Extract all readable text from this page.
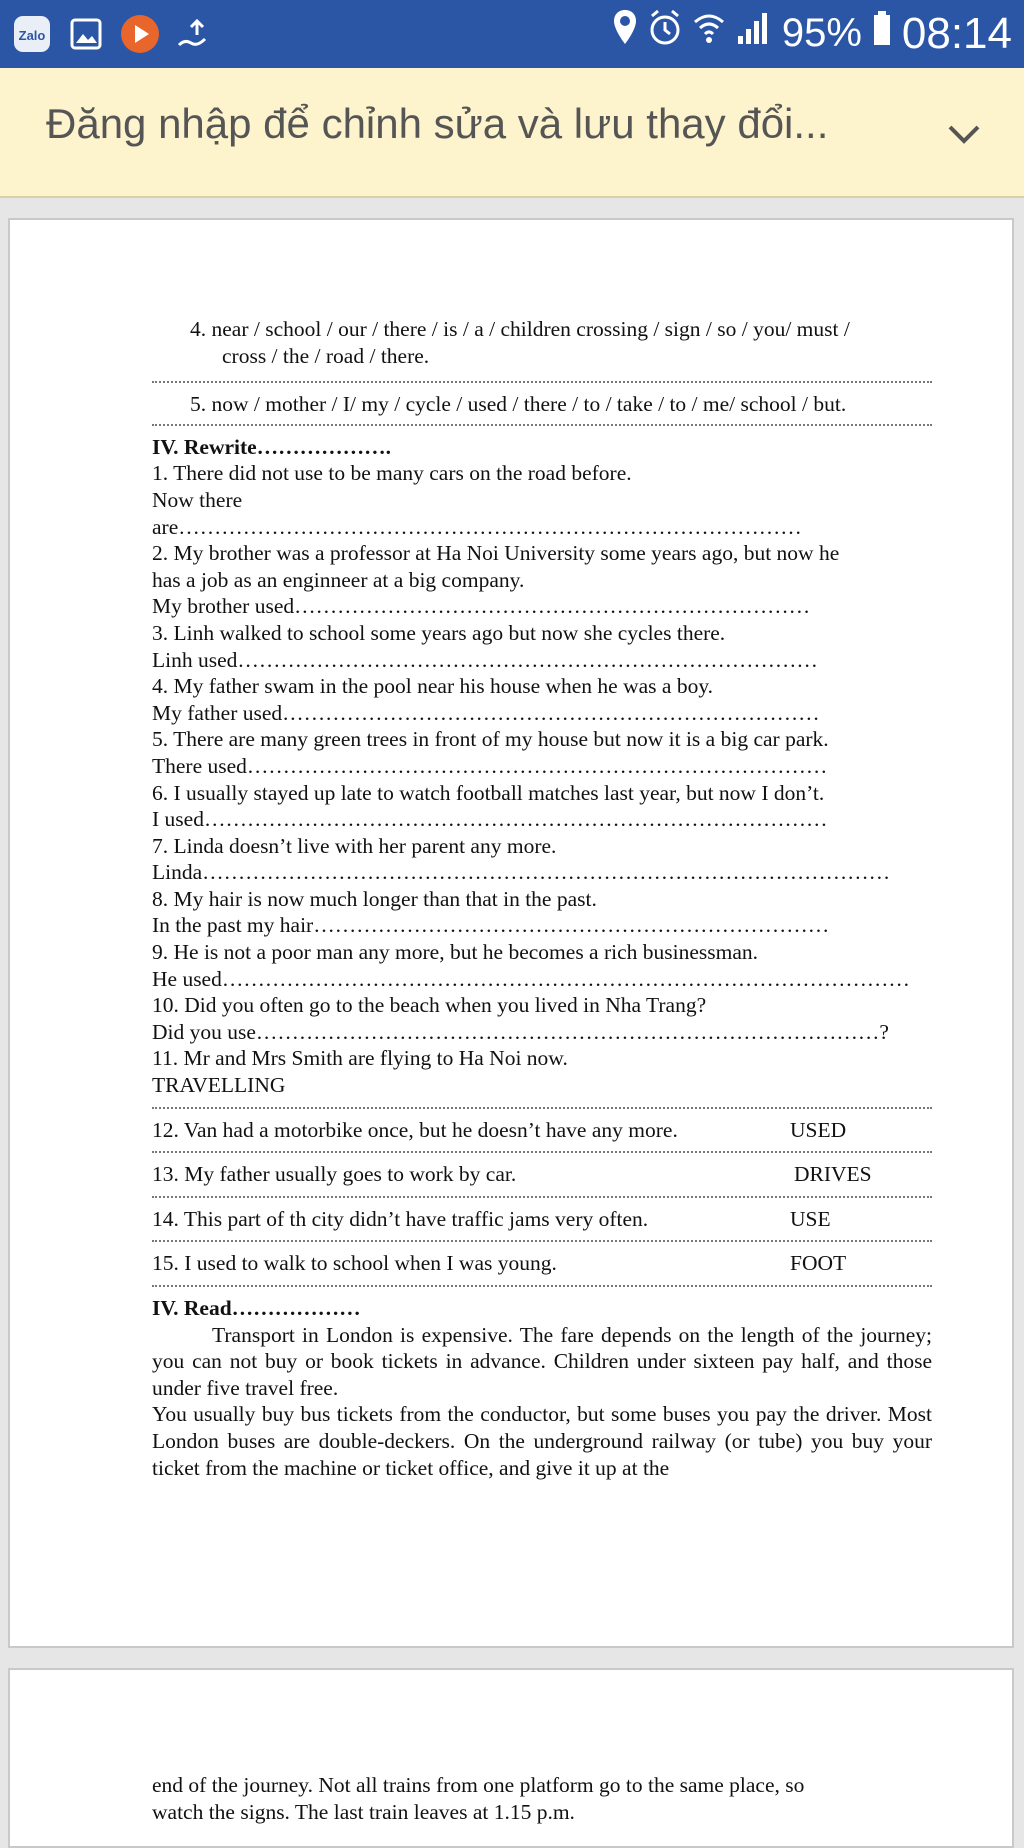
Zalo	95% 08:14
Đăng nhập để chỉnh sửa và lưu thay đổi...
4. near / school / our / there / is / a / children crossing / sign / so / you/ must /
cross / the / road / there.
5. now / mother / I/ my / cycle / used / there / to / take / to / me/ school / but.
IV. Rewrite……………….
1. There did not use to be many cars on the road before.
Now there
are……………………………………………………………………………
2. My brother was a professor at Ha Noi University some years ago, but now he
has a job as an enginneer at a big company.
My brother used………………………………………………………………
3. Linh walked to school some years ago but now she cycles there.
Linh used………………………………………………………………………
4. My father swam in the pool near his house when he was a boy.
My father used…………………………………………………………………
5. There are many green trees in front of my house but now it is a big car park.
There used………………………………………………………………………
6. I usually stayed up late to watch football matches last year, but now I don’t.
I used……………………………………………………………………………
7. Linda doesn’t live with her parent any more.
Linda……………………………………………………………………………………
8. My hair is now much longer than that in the past.
In the past my hair………………………………………………………………
9. He is not a poor man any more, but he becomes a rich businessman.
He used……………………………………………………………………………………
10. Did you often go to the beach when you lived in Nha Trang?
Did you use……………………………………………………………………………?
11. Mr and Mrs Smith are flying to Ha Noi now.
TRAVELLING
12. Van had a motorbike once, but he doesn’t have any more.	USED
13. My father usually goes to work by car.	DRIVES
14. This part of th city didn’t have traffic jams very often.	USE
15. I used to walk to school when I was young.	FOOT
IV. Read………………
Transport in London is expensive. The fare depends on the length of the journey; you can not buy or book tickets in advance. Children under sixteen pay half, and those under five travel free.
You usually buy bus tickets from the conductor, but some buses you pay the driver. Most London buses are double-deckers. On the underground railway (or tube) you buy your ticket from the machine or ticket office, and give it up at the
end of the journey. Not all trains from one platform go to the same place, so
watch the signs. The last train leaves at 1.15 p.m.
